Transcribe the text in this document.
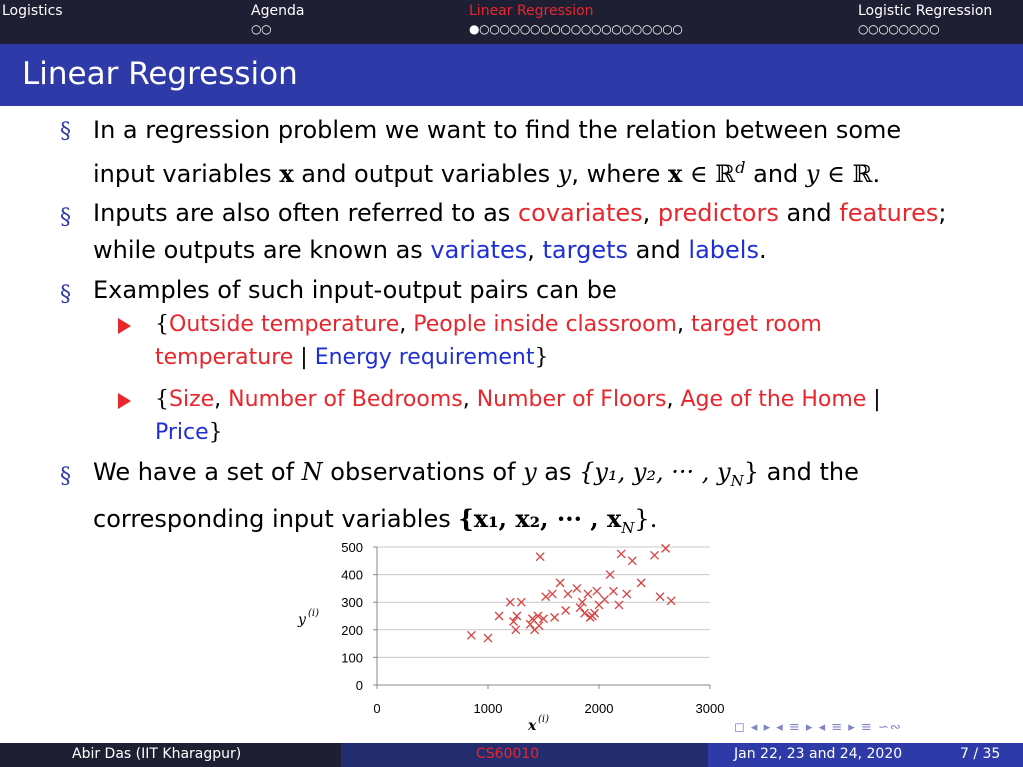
Logistics	Agenda
○○
Linear Regression
●○○○○○○○○○○○○○○○○○○○○
Logistic Regression
○○○○○○○○
Linear Regression
§ In a regression problem we want to find the relation between some
input variables x and output variables y, where x ∈ ℝ$^d$ and y ∈ ℝ.
§ Inputs are also often referred to as covariates, predictors and features;
while outputs are known as variates, targets and labels.
§ Examples of such input-output pairs can be
{Outside temperature, People inside classroom, target room
temperature | Energy requirement}
{Size, Number of Bedrooms, Number of Floors, Age of the Home |
Price}
§ We have a set of N observations of y as {y₁, y₂, ··· , $y_N$} and the
corresponding input variables {x₁, x₂, ··· , $x_N$}.
0
100
200
300
400
500
0	1000	2000	3000
y (i)
x (i)
◻ ◂ ▸ ◂ ≡ ▸ ◂ ≡ ▸ ≡ ∽∾
Abir Das (IIT Kharagpur)	CS60010	Jan 22, 23 and 24, 2020	7 / 35
